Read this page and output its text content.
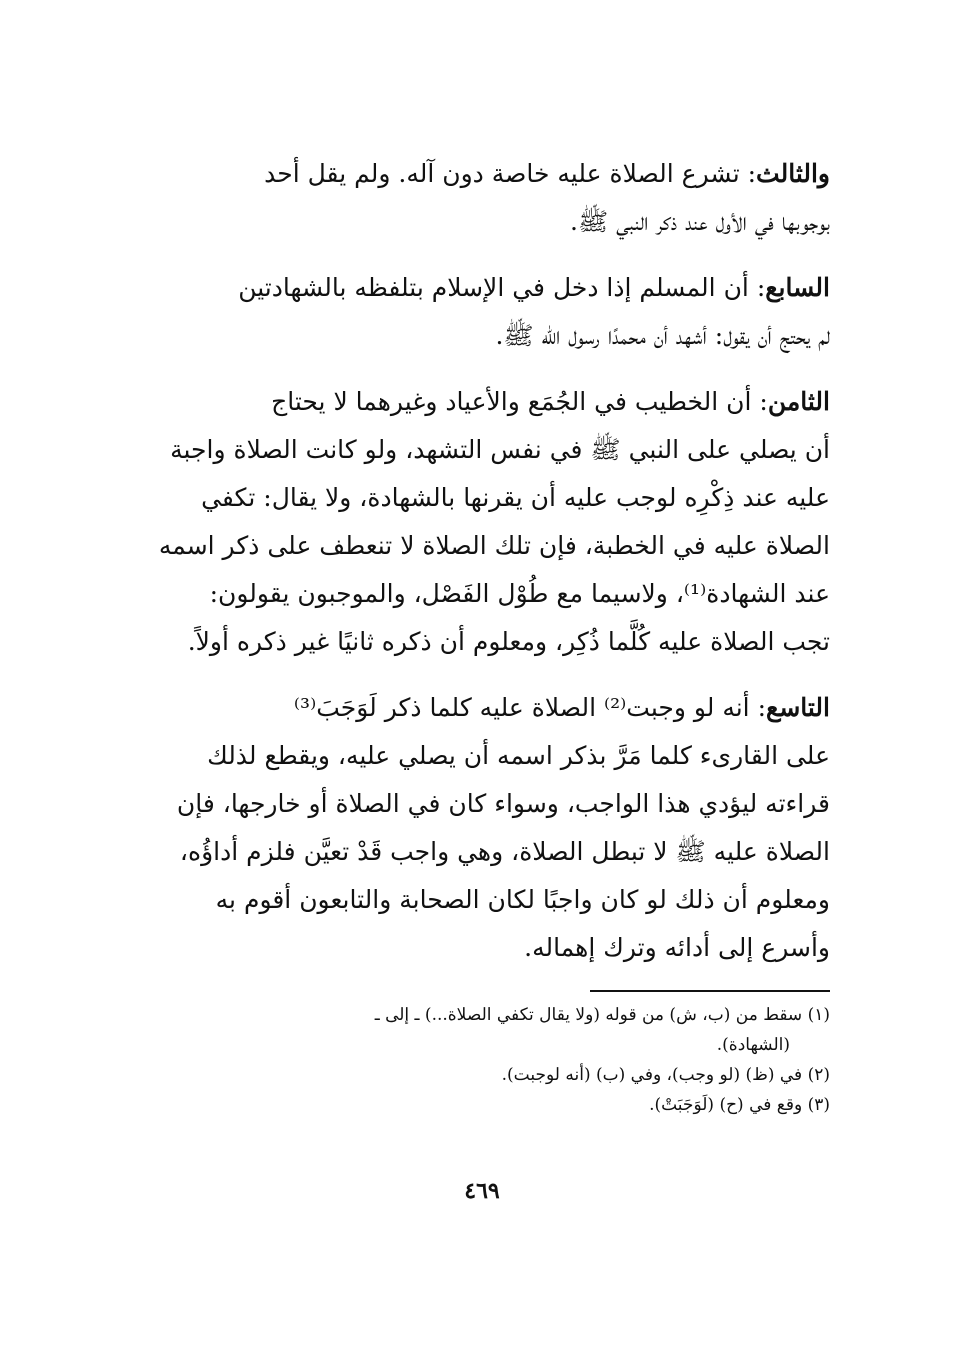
والثالث: تشرع الصلاة عليه خاصة دون آله. ولم يقل أحد
بوجوبها في الأول عند ذكر النبي ﷺ.

السابع: أن المسلم إذا دخل في الإسلام بتلفظه بالشهادتين
لم يحتج أن يقول: أشهد أن محمدًا رسول الله ﷺ.

الثامن: أن الخطيب في الجُمَع والأعياد وغيرهما لا يحتاج
أن يصلي على النبي ﷺ في نفس التشهد، ولو كانت الصلاة واجبة
عليه عند ذِكْرِه لوجب عليه أن يقرنها بالشهادة، ولا يقال: تكفي
الصلاة عليه في الخطبة، فإن تلك الصلاة لا تنعطف على ذكر اسمه
عند الشهادة⁽¹⁾، ولاسيما مع طُوْل الفَصْل، والموجبون يقولون:
تجب الصلاة عليه كُلَّما ذُكِر، ومعلوم أن ذكره ثانيًا غير ذكره أولاً.

التاسع: أنه لو وجبت⁽²⁾ الصلاة عليه كلما ذكر لَوَجَبَ⁽³⁾
على القارىء كلما مَرَّ بذكر اسمه أن يصلي عليه، ويقطع لذلك
قراءته ليؤدي هذا الواجب، وسواء كان في الصلاة أو خارجها، فإن
الصلاة عليه ﷺ لا تبطل الصلاة، وهي واجب قَدْ تعيَّن فلزم أداؤُه،
ومعلوم أن ذلك لو كان واجبًا لكان الصحابة والتابعون أقوم به
وأسرع إلى أدائه وترك إهماله.

(١) سقط من (ب، ش) من قوله (ولا يقال تكفي الصلاة...) ـ إلى ـ
(الشهادة).
(٢) في (ظ) (لو وجب)، وفي (ب) (أنه لوجبت).
(٣) وقع في (ح) (لَوَجَبَتْ).
٤٦٩
